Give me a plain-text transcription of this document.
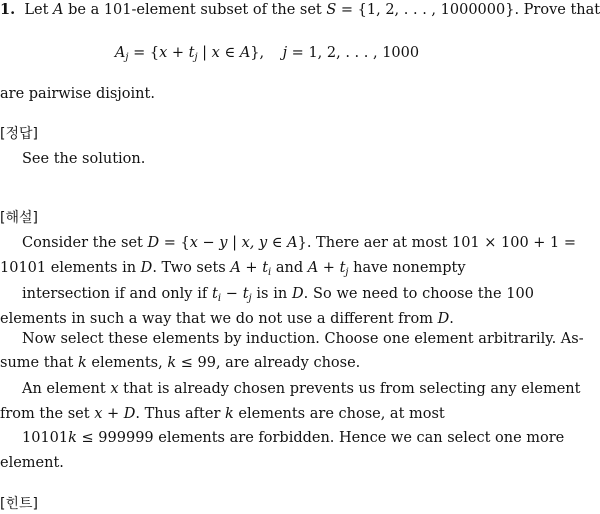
1. Let A be a 101-element subset of the set S = {1, 2, . . . , 1000000}. Prove that
$A_j = \{x + t_j$ | x ∈ A},    j = 1, 2, . . . , 1000
are pairwise disjoint.
[정답]
See the solution.
[해설]
Consider the set D = {x − y | x, y ∈ A}. There aer at most 101 × 100 + 1 =
10101 elements in D. Two sets $A + t_i$ and $A + t_j$ have nonempty
intersection if and only if $t_i - t_j$ is in D. So we need to choose the 100
elements in such a way that we do not use a different from D.
Now select these elements by induction. Choose one element arbitrarily. As-
sume that k elements, k ≤ 99, are already chose.
An element x that is already chosen prevents us from selecting any element
from the set x + D. Thus after k elements are chose, at most
10101k ≤ 999999 elements are forbidden. Hence we can select one more
element.
[힌트]
